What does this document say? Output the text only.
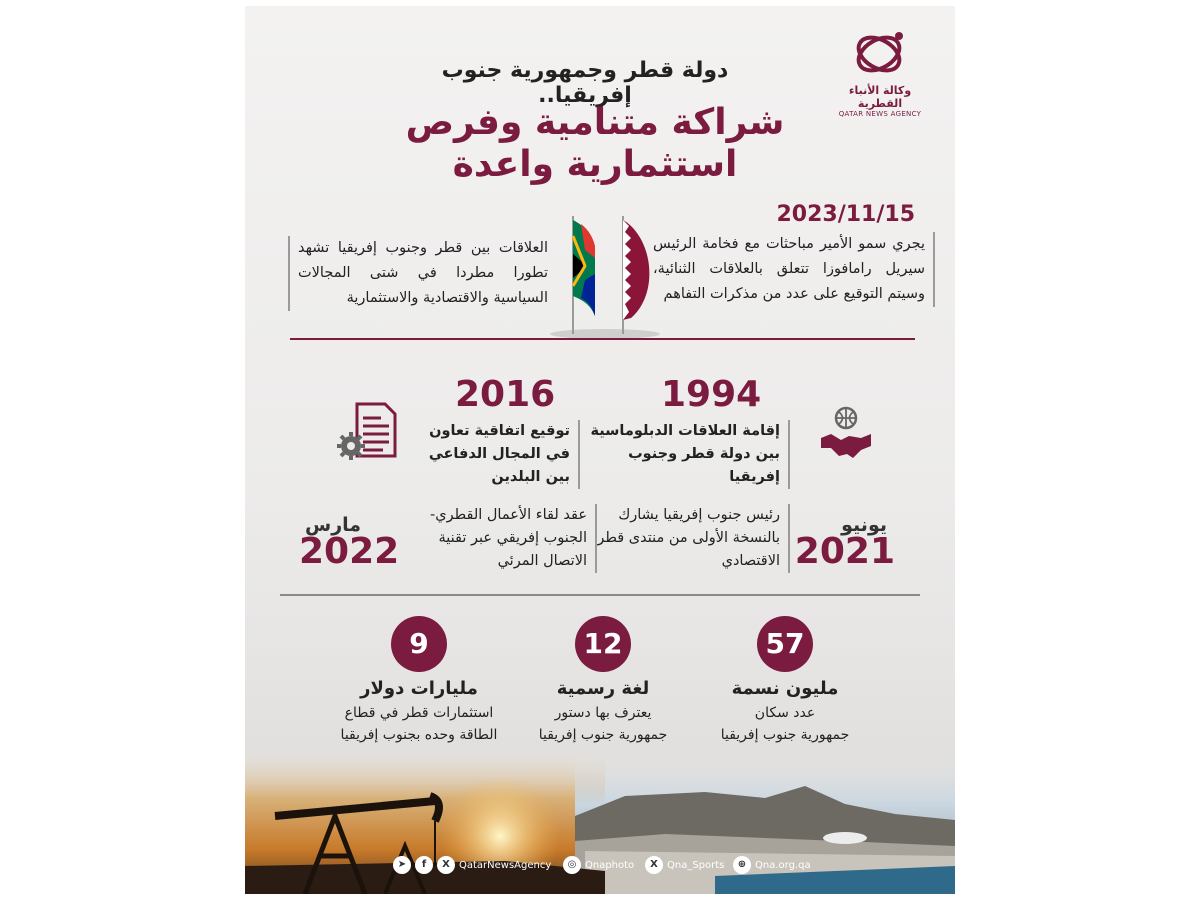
وكالة الأنباء القطرية
QATAR NEWS AGENCY
دولة قطر وجمهورية جنوب إفريقيا..
شراكة متنامية وفرص
استثمارية واعدة
2023/11/15
يجري سمو الأمير مباحثات مع فخامة الرئيس سيريل رامافوزا تتعلق بالعلاقات الثنائية، وسيتم التوقيع على عدد من مذكرات التفاهم
العلاقات بين قطر وجنوب إفريقيا تشهد تطورا مطردا في شتى المجالات السياسية والاقتصادية والاستثمارية
1994
إقامة العلاقات الدبلوماسية بين دولة قطر وجنوب إفريقيا
2016
توقيع اتفاقية تعاون في المجال الدفاعي بين البلدين
يونيو
2021
رئيس جنوب إفريقيا يشارك بالنسخة الأولى من منتدى قطر الاقتصادي
مارس
2022
عقد لقاء الأعمال القطري- الجنوب إفريقي عبر تقنية الاتصال المرئي
57
مليون نسمة
عدد سكان
جمهورية جنوب إفريقيا
12
لغة رسمية
يعترف بها دستور
جمهورية جنوب إفريقيا
9
مليارات دولار
استثمارات قطر في قطاع
الطاقة وحده بجنوب إفريقيا
➤ f X QatarNewsAgency	◎ Qnaphoto	X Qna_Sports	⊕ Qna.org.qa
